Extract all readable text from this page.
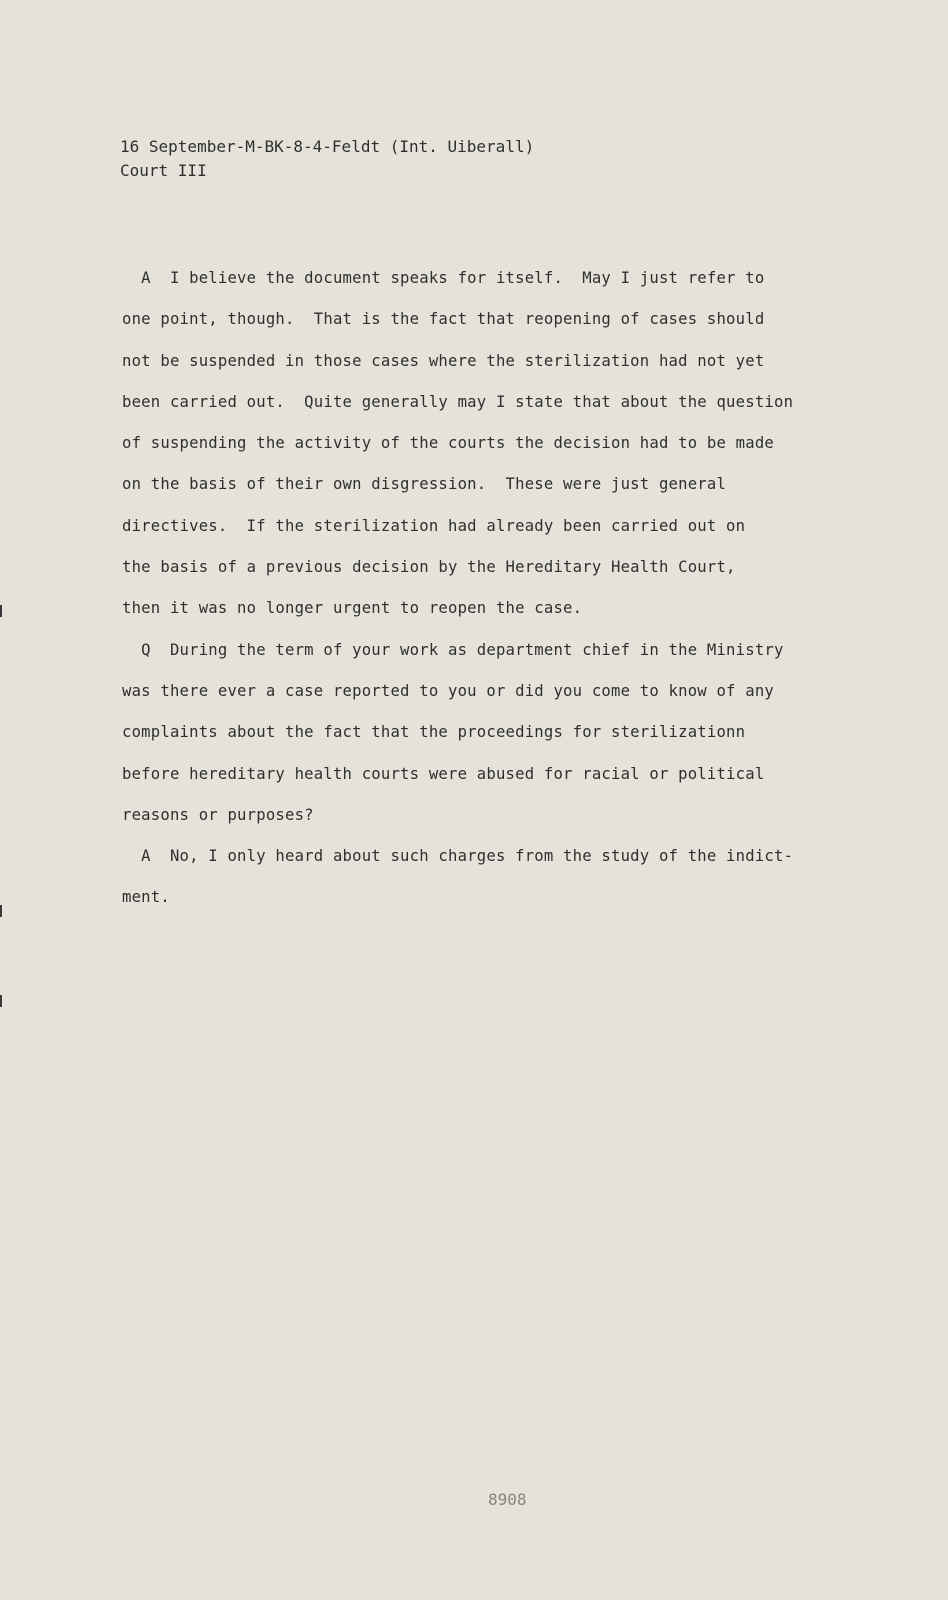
16 September-M-BK-8-4-Feldt (Int. Uiberall)
Court III
A  I believe the document speaks for itself.  May I just refer to
one point, though.  That is the fact that reopening of cases should
not be suspended in those cases where the sterilization had not yet
been carried out.  Quite generally may I state that about the question
of suspending the activity of the courts the decision had to be made
on the basis of their own disgression.  These were just general
directives.  If the sterilization had already been carried out on
the basis of a previous decision by the Hereditary Health Court,
then it was no longer urgent to reopen the case.
Q  During the term of your work as department chief in the Ministry
was there ever a case reported to you or did you come to know of any
complaints about the fact that the proceedings for sterilizationn
before hereditary health courts were abused for racial or political
reasons or purposes?
A  No, I only heard about such charges from the study of the indict-
ment.
8908
